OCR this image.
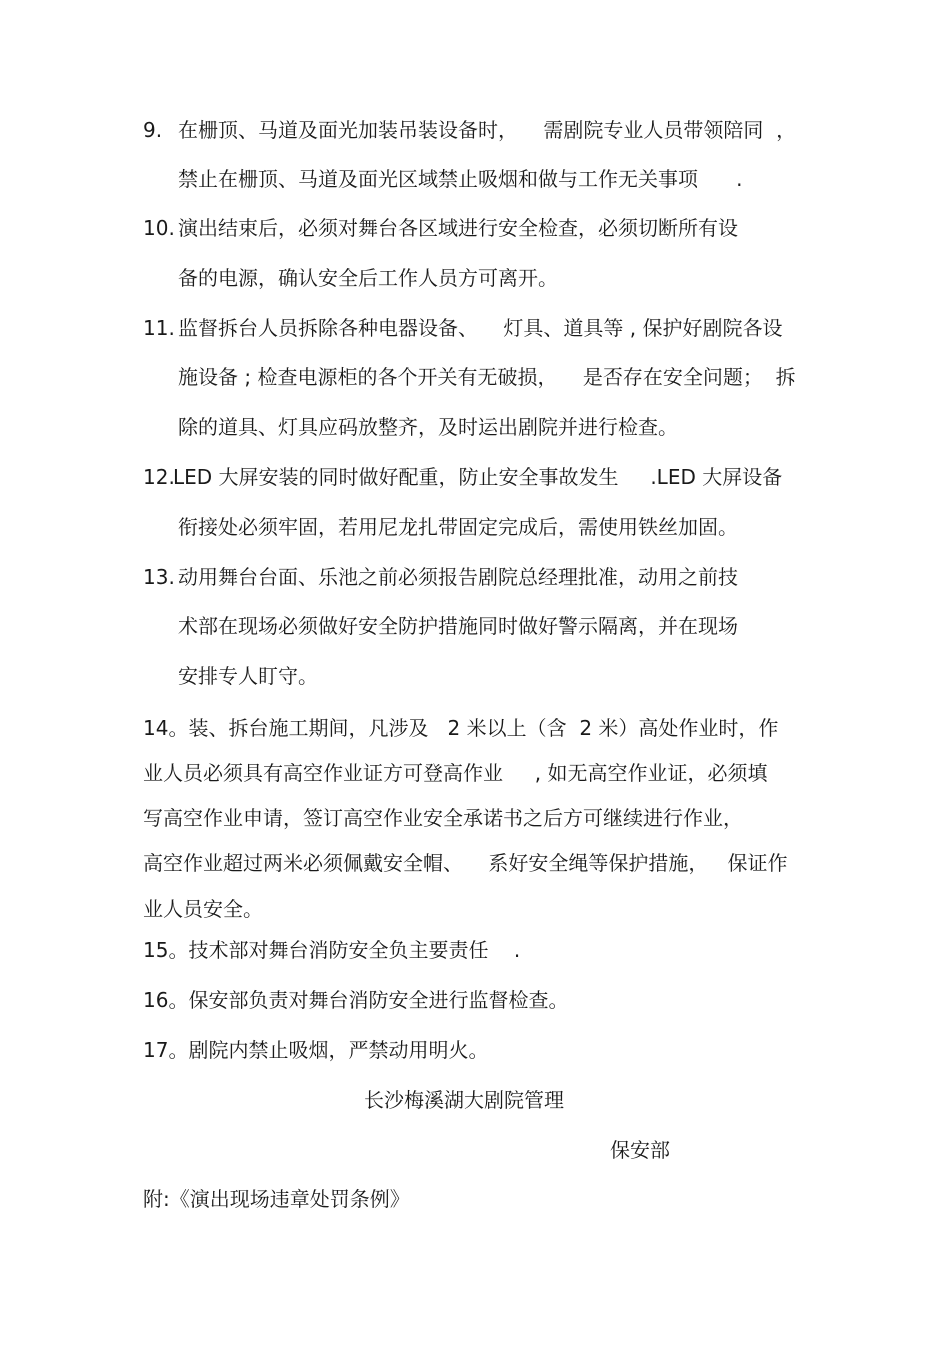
9. 在栅顶、马道及面光加装吊装设备时，    需剧院专业人员带领陪同  ，
禁止在栅顶、马道及面光区域禁止吸烟和做与工作无关事项      .
10. 演出结束后，必须对舞台各区域进行安全检查，必须切断所有设
备的电源，确认安全后工作人员方可离开。
11. 监督拆台人员拆除各种电器设备、    灯具、道具等 , 保护好剧院各设
施设备 ; 检查电源柜的各个开关有无破损，    是否存在安全问题；  拆
除的道具、灯具应码放整齐，及时运出剧院并进行检查。
12.
LED 大屏安装的同时做好配重，防止安全事故发生     .LED 大屏设备
衔接处必须牢固，若用尼龙扎带固定完成后，需使用铁丝加固。
13. 动用舞台台面、乐池之前必须报告剧院总经理批准，动用之前技
术部在现场必须做好安全防护措施同时做好警示隔离，并在现场
安排专人盯守。
14。装、拆台施工期间，凡涉及   2 米以上（含  2 米）高处作业时，作
业人员必须具有高空作业证方可登高作业     , 如无高空作业证，必须填
写高空作业申请，签订高空作业安全承诺书之后方可继续进行作业，
高空作业超过两米必须佩戴安全帽、    系好安全绳等保护措施，   保证作
业人员安全。
15。技术部对舞台消防安全负主要责任    .
16。保安部负责对舞台消防安全进行监督检查。
17。剧院内禁止吸烟，严禁动用明火。
长沙梅溪湖大剧院管理
保安部
附:《演出现场违章处罚条例》
